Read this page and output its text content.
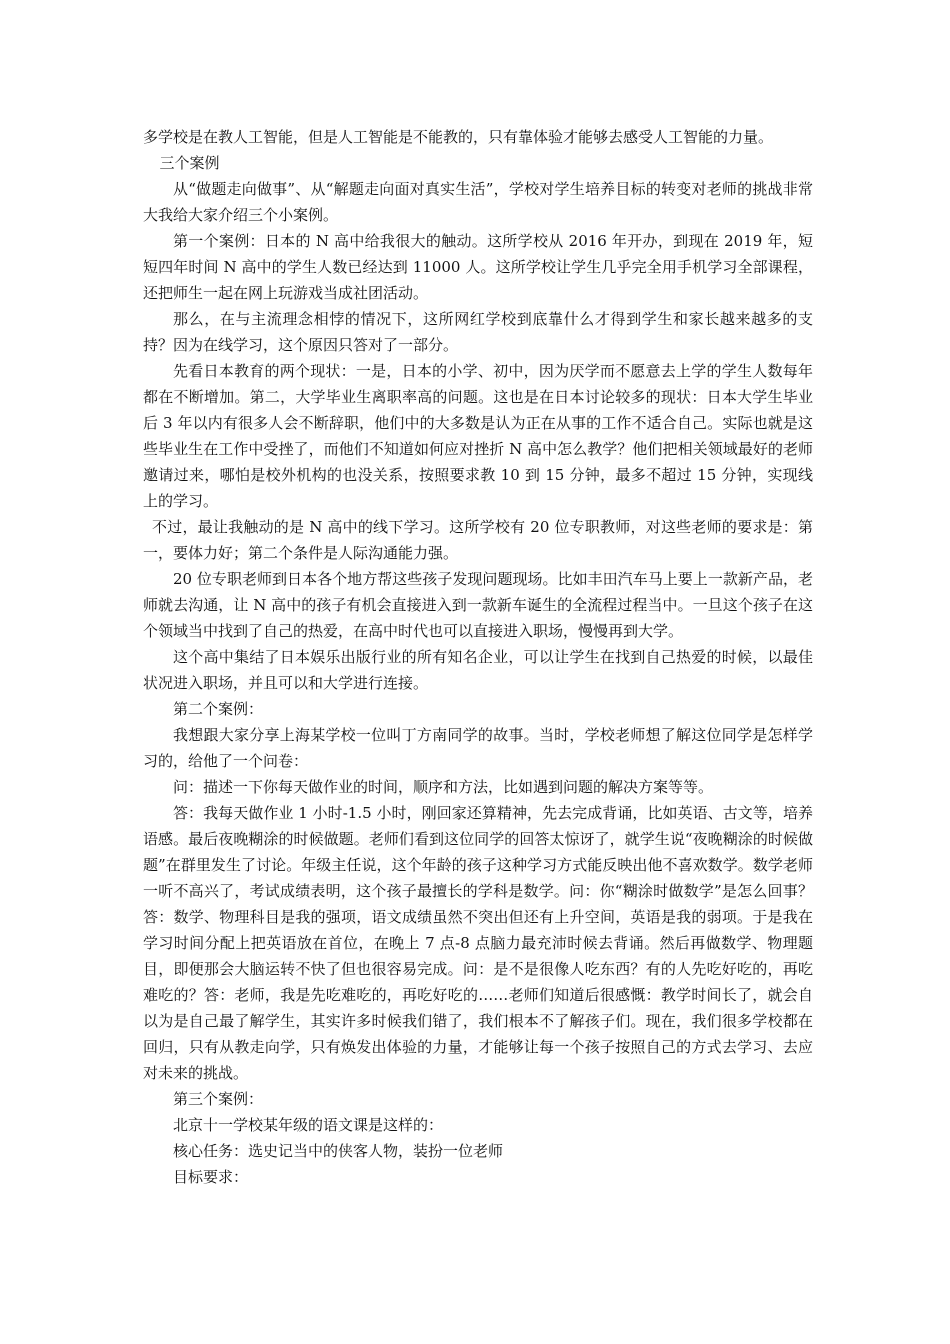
多学校是在教人工智能，但是人工智能是不能教的，只有靠体验才能够去感受人工智能的力量。

三个案例

从“做题走向做事”、从“解题走向面对真实生活”，学校对学生培养目标的转变对老师的挑战非常大我给大家介绍三个小案例。

第一个案例：日本的 N 高中给我很大的触动。这所学校从 2016 年开办，到现在 2019 年，短短四年时间 N 高中的学生人数已经达到 11000 人。这所学校让学生几乎完全用手机学习全部课程，还把师生一起在网上玩游戏当成社团活动。

那么，在与主流理念相悖的情况下，这所网红学校到底靠什么才得到学生和家长越来越多的支持？因为在线学习，这个原因只答对了一部分。

先看日本教育的两个现状：一是，日本的小学、初中，因为厌学而不愿意去上学的学生人数每年都在不断增加。第二，大学毕业生离职率高的问题。这也是在日本讨论较多的现状：日本大学生毕业后 3 年以内有很多人会不断辞职，他们中的大多数是认为正在从事的工作不适合自己。实际也就是这些毕业生在工作中受挫了，而他们不知道如何应对挫折 N 高中怎么教学？他们把相关领域最好的老师邀请过来，哪怕是校外机构的也没关系，按照要求教 10 到 15 分钟，最多不超过 15 分钟，实现线上的学习。

不过，最让我触动的是 N 高中的线下学习。这所学校有 20 位专职教师，对这些老师的要求是：第一，要体力好；第二个条件是人际沟通能力强。

20 位专职老师到日本各个地方帮这些孩子发现问题现场。比如丰田汽车马上要上一款新产品，老师就去沟通，让 N 高中的孩子有机会直接进入到一款新车诞生的全流程过程当中。一旦这个孩子在这个领域当中找到了自己的热爱，在高中时代也可以直接进入职场，慢慢再到大学。

这个高中集结了日本娱乐出版行业的所有知名企业，可以让学生在找到自己热爱的时候，以最佳状况进入职场，并且可以和大学进行连接。

第二个案例：

我想跟大家分享上海某学校一位叫丁方南同学的故事。当时，学校老师想了解这位同学是怎样学习的，给他了一个问卷：

问：描述一下你每天做作业的时间，顺序和方法，比如遇到问题的解决方案等等。

答：我每天做作业 1 小时-1.5 小时，刚回家还算精神，先去完成背诵，比如英语、古文等，培养语感。最后夜晚糊涂的时候做题。老师们看到这位同学的回答太惊讶了，就学生说“夜晚糊涂的时候做题”在群里发生了讨论。年级主任说，这个年龄的孩子这种学习方式能反映出他不喜欢数学。数学老师一听不高兴了，考试成绩表明，这个孩子最擅长的学科是数学。问：你“糊涂时做数学”是怎么回事？答：数学、物理科目是我的强项，语文成绩虽然不突出但还有上升空间，英语是我的弱项。于是我在学习时间分配上把英语放在首位，在晚上 7 点-8 点脑力最充沛时候去背诵。然后再做数学、物理题目，即便那会大脑运转不快了但也很容易完成。问：是不是很像人吃东西？有的人先吃好吃的，再吃难吃的？答：老师，我是先吃难吃的，再吃好吃的……老师们知道后很感慨：教学时间长了，就会自以为是自己最了解学生，其实许多时候我们错了，我们根本不了解孩子们。现在，我们很多学校都在回归，只有从教走向学，只有焕发出体验的力量，才能够让每一个孩子按照自己的方式去学习、去应对未来的挑战。

第三个案例：

北京十一学校某年级的语文课是这样的：

核心任务：选史记当中的侠客人物，装扮一位老师

目标要求：
